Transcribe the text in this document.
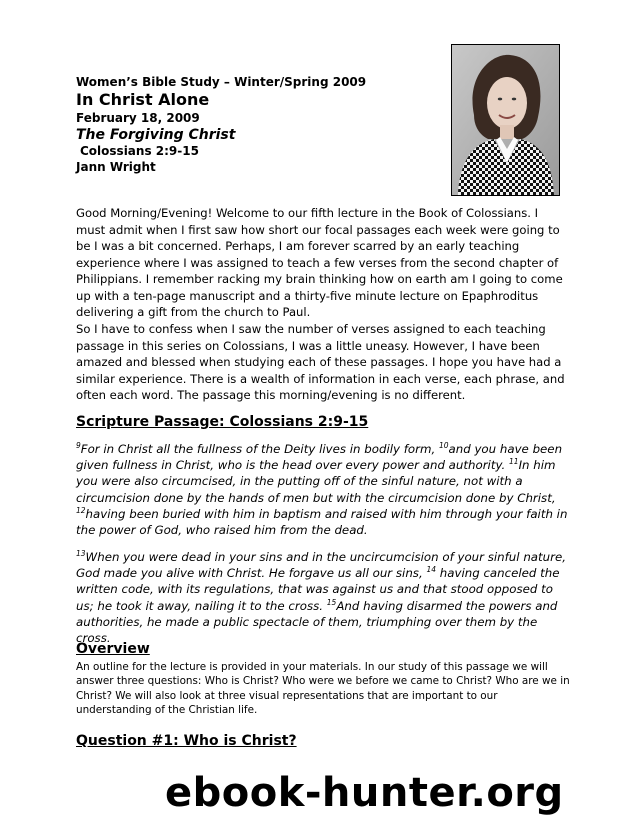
Women’s Bible Study – Winter/Spring 2009
In Christ Alone
February 18, 2009
The Forgiving Christ
Colossians 2:9-15
Jann Wright
Good Morning/Evening! Welcome to our fifth lecture in the Book of Colossians. I must admit when I first saw how short our focal passages each week were going to be I was a bit concerned. Perhaps, I am forever scarred by an early teaching experience where I was assigned to teach a few verses from the second chapter of Philippians. I remember racking my brain thinking how on earth am I going to come up with a ten-page manuscript and a thirty-five minute lecture on Epaphroditus delivering a gift from the church to Paul.
So I have to confess when I saw the number of verses assigned to each teaching passage in this series on Colossians, I was a little uneasy. However, I have been amazed and blessed when studying each of these passages. I hope you have had a similar experience. There is a wealth of information in each verse, each phrase, and often each word. The passage this morning/evening is no different.
Scripture Passage: Colossians 2:9-15
$^9$For in Christ all the fullness of the Deity lives in bodily form, $^{10}$and you have been given fullness in Christ, who is the head over every power and authority. $^{11}$In him you were also circumcised, in the putting off of the sinful nature, not with a circumcision done by the hands of men but with the circumcision done by Christ, $^{12}$having been buried with him in baptism and raised with him through your faith in the power of God, who raised him from the dead.
$^{13}$When you were dead in your sins and in the uncircumcision of your sinful nature, God made you alive with Christ. He forgave us all our sins, $^{14}$ having canceled the written code, with its regulations, that was against us and that stood opposed to us; he took it away, nailing it to the cross. $^{15}$And having disarmed the powers and authorities, he made a public spectacle of them, triumphing over them by the cross.
Overview
An outline for the lecture is provided in your materials. In our study of this passage we will answer three questions: Who is Christ? Who were we before we came to Christ? Who are we in Christ? We will also look at three visual representations that are important to our understanding of the Christian life.
Question #1: Who is Christ?
ebook-hunter.org
